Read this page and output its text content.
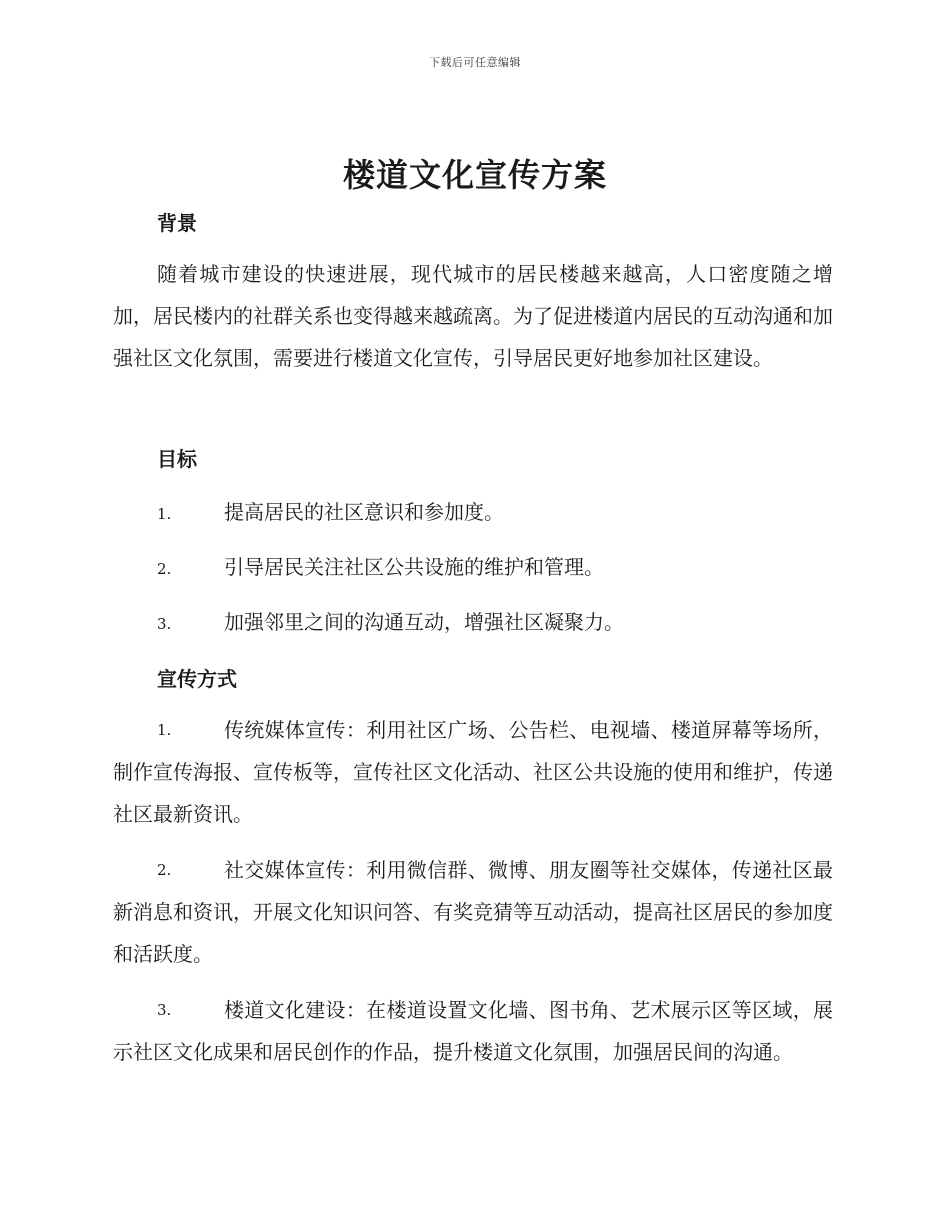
下载后可任意编辑
楼道文化宣传方案
背景

随着城市建设的快速进展，现代城市的居民楼越来越高，人口密度随之增加，居民楼内的社群关系也变得越来越疏离。为了促进楼道内居民的互动沟通和加强社区文化氛围，需要进行楼道文化宣传，引导居民更好地参加社区建设。

目标
1.	提高居民的社区意识和参加度。
2.	引导居民关注社区公共设施的维护和管理。
3.	加强邻里之间的沟通互动，增强社区凝聚力。
宣传方式
1.	传统媒体宣传：利用社区广场、公告栏、电视墙、楼道屏幕等场所，制作宣传海报、宣传板等，宣传社区文化活动、社区公共设施的使用和维护，传递社区最新资讯。
2.	社交媒体宣传：利用微信群、微博、朋友圈等社交媒体，传递社区最新消息和资讯，开展文化知识问答、有奖竞猜等互动活动，提高社区居民的参加度和活跃度。
3.	楼道文化建设：在楼道设置文化墙、图书角、艺术展示区等区域，展示社区文化成果和居民创作的作品，提升楼道文化氛围，加强居民间的沟通。
